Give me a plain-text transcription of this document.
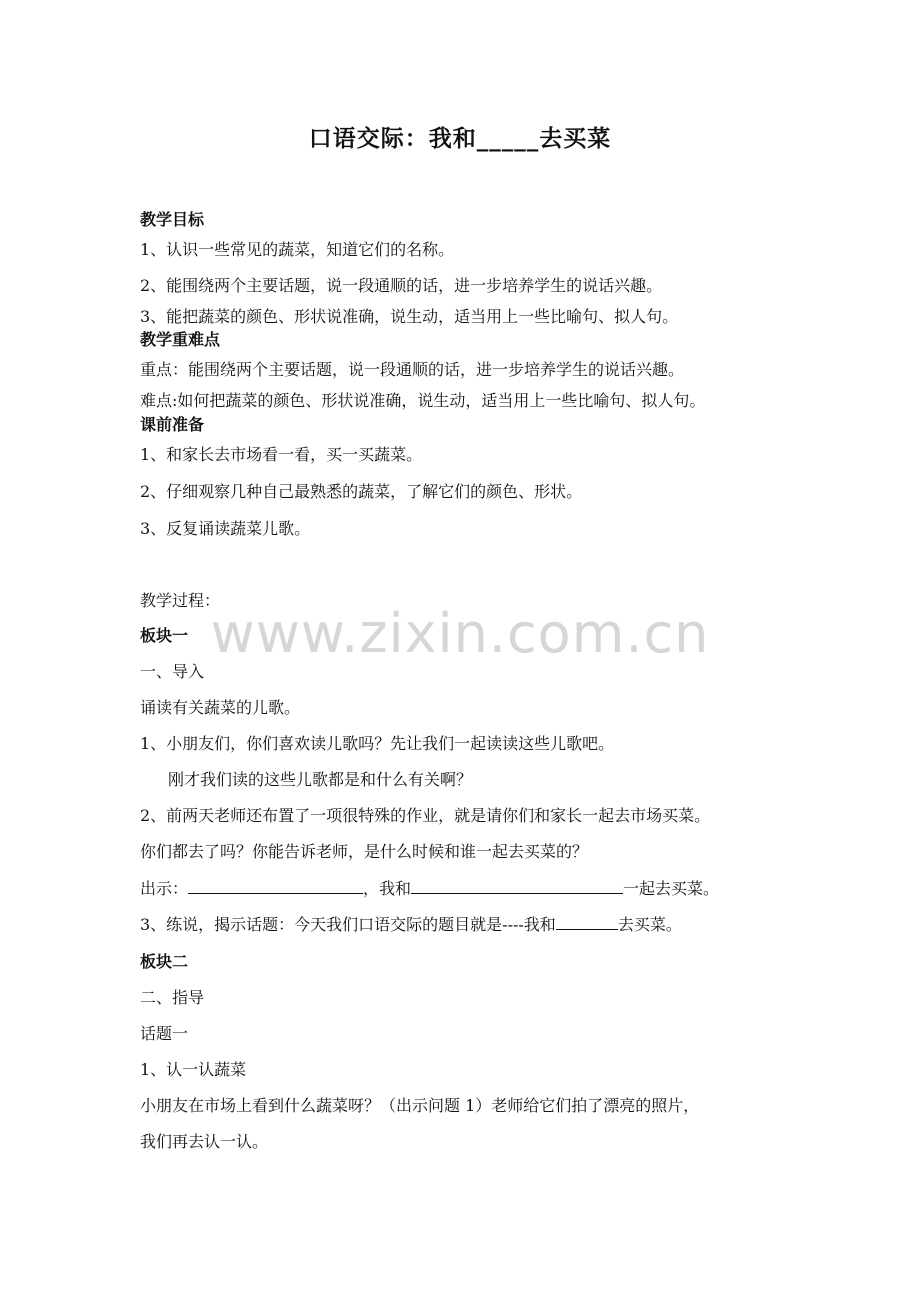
www.zixin.com.cn
口语交际：我和_____去买菜
教学目标
1、认识一些常见的蔬菜，知道它们的名称。
2、能围绕两个主要话题，说一段通顺的话，进一步培养学生的说话兴趣。
3、能把蔬菜的颜色、形状说准确，说生动，适当用上一些比喻句、拟人句。
教学重难点
重点：能围绕两个主要话题，说一段通顺的话，进一步培养学生的说话兴趣。
难点:如何把蔬菜的颜色、形状说准确，说生动，适当用上一些比喻句、拟人句。
课前准备
1、和家长去市场看一看，买一买蔬菜。
2、仔细观察几种自己最熟悉的蔬菜，了解它们的颜色、形状。
3、反复诵读蔬菜儿歌。
教学过程：
板块一
一、导入
诵读有关蔬菜的儿歌。
1、小朋友们，你们喜欢读儿歌吗？先让我们一起读读这些儿歌吧。
刚才我们读的这些儿歌都是和什么有关啊？
2、前两天老师还布置了一项很特殊的作业，就是请你们和家长一起去市场买菜。
你们都去了吗？你能告诉老师，是什么时候和谁一起去买菜的？
出示：	，我和	一起去买菜。
3、练说，揭示话题：今天我们口语交际的题目就是----我和	去买菜。
板块二
二、指导
话题一
1、认一认蔬菜
小朋友在市场上看到什么蔬菜呀？（出示问题 1）老师给它们拍了漂亮的照片，
我们再去认一认。
